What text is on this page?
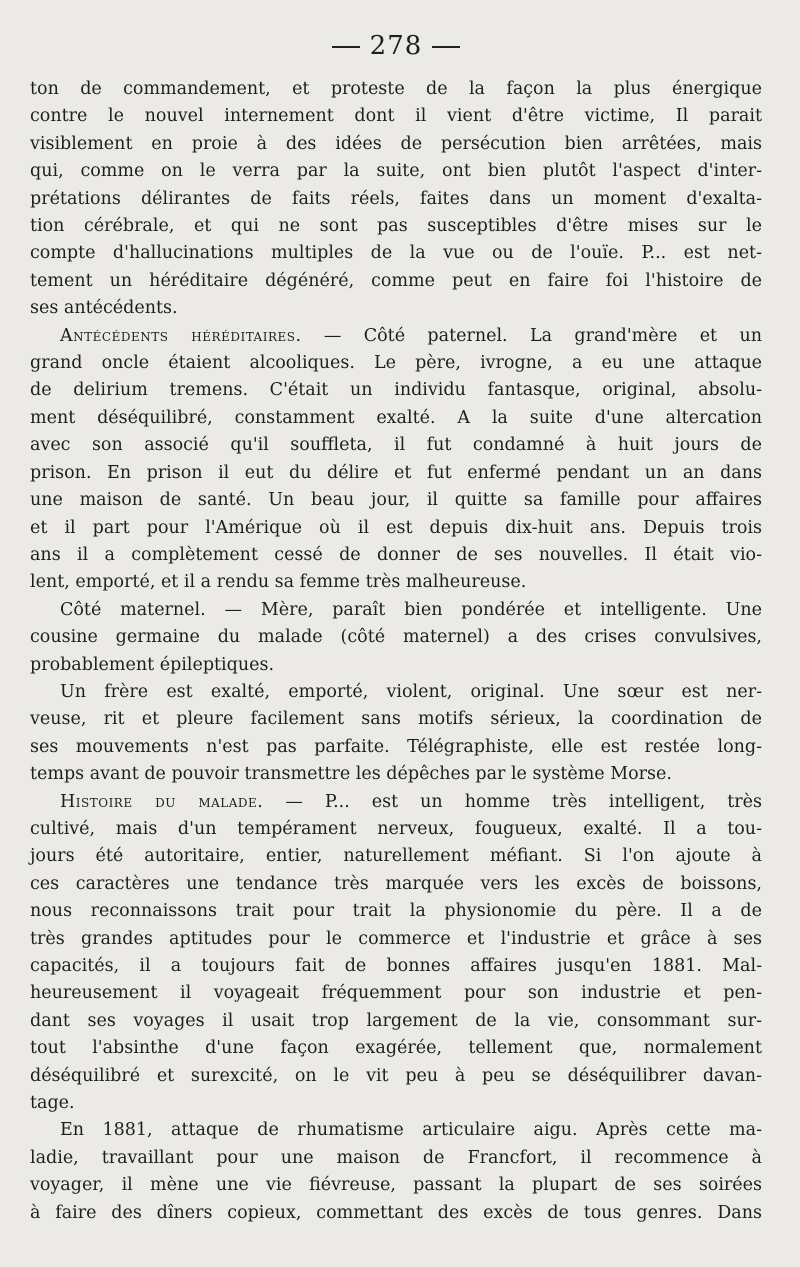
278

ton de commandement, et proteste de la façon la plus énergique
contre le nouvel internement dont il vient d'être victime, Il parait
visiblement en proie à des idées de persécution bien arrêtées, mais
qui, comme on le verra par la suite, ont bien plutôt l'aspect d'inter-
prétations délirantes de faits réels, faites dans un moment d'exalta-
tion cérébrale, et qui ne sont pas susceptibles d'être mises sur le
compte d'hallucinations multiples de la vue ou de l'ouïe. P... est net-
tement un héréditaire dégénéré, comme peut en faire foi l'histoire de
ses antécédents.

Antécédents héréditaires. — Côté paternel. La grand'mère et un
grand oncle étaient alcooliques. Le père, ivrogne, a eu une attaque
de delirium tremens. C'était un individu fantasque, original, absolu-
ment déséquilibré, constamment exalté. A la suite d'une altercation
avec son associé qu'il souffleta, il fut condamné à huit jours de
prison. En prison il eut du délire et fut enfermé pendant un an dans
une maison de santé. Un beau jour, il quitte sa famille pour affaires
et il part pour l'Amérique où il est depuis dix-huit ans. Depuis trois
ans il a complètement cessé de donner de ses nouvelles. Il était vio-
lent, emporté, et il a rendu sa femme très malheureuse.

Côté maternel. — Mère, paraît bien pondérée et intelligente. Une
cousine germaine du malade (côté maternel) a des crises convulsives,
probablement épileptiques.

Un frère est exalté, emporté, violent, original. Une sœur est ner-
veuse, rit et pleure facilement sans motifs sérieux, la coordination de
ses mouvements n'est pas parfaite. Télégraphiste, elle est restée long-
temps avant de pouvoir transmettre les dépêches par le système Morse.

Histoire du malade. — P... est un homme très intelligent, très
cultivé, mais d'un tempérament nerveux, fougueux, exalté. Il a tou-
jours été autoritaire, entier, naturellement méfiant. Si l'on ajoute à
ces caractères une tendance très marquée vers les excès de boissons,
nous reconnaissons trait pour trait la physionomie du père. Il a de
très grandes aptitudes pour le commerce et l'industrie et grâce à ses
capacités, il a toujours fait de bonnes affaires jusqu'en 1881. Mal-
heureusement il voyageait fréquemment pour son industrie et pen-
dant ses voyages il usait trop largement de la vie, consommant sur-
tout l'absinthe d'une façon exagérée, tellement que, normalement
déséquilibré et surexcité, on le vit peu à peu se déséquilibrer davan-
tage.

En 1881, attaque de rhumatisme articulaire aigu. Après cette ma-
ladie, travaillant pour une maison de Francfort, il recommence à
voyager, il mène une vie fiévreuse, passant la plupart de ses soirées
à faire des dîners copieux, commettant des excès de tous genres. Dans
